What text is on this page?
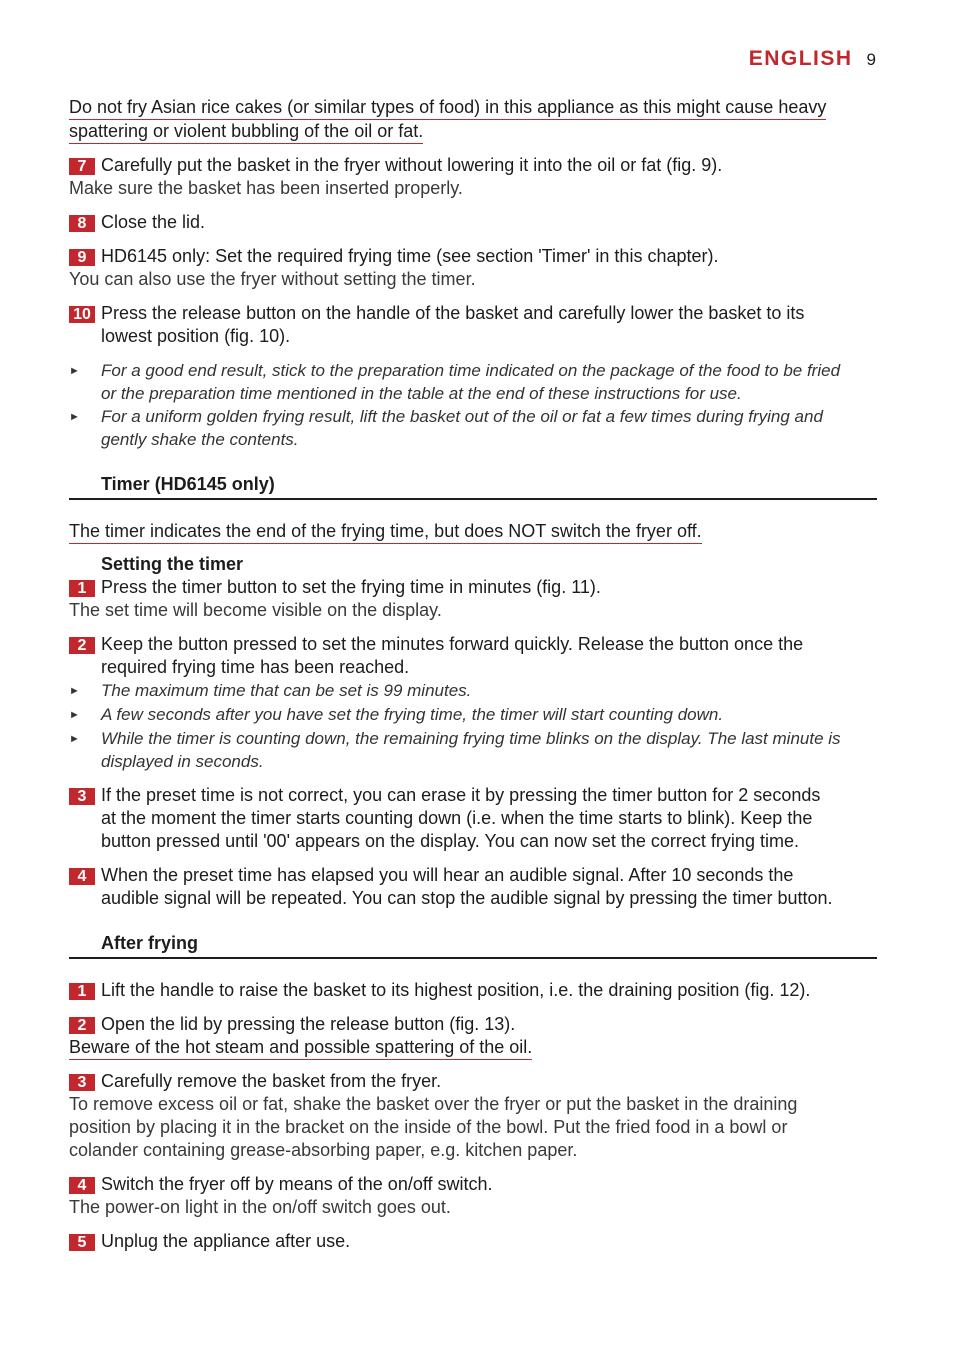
ENGLISH 9
Do not fry Asian rice cakes (or similar types of food) in this appliance as this might cause heavy
spattering or violent bubbling of the oil or fat.
7 Carefully put the basket in the fryer without lowering it into the oil or fat (fig. 9).
Make sure the basket has been inserted properly.
8 Close the lid.
9 HD6145 only: Set the required frying time (see section 'Timer' in this chapter).
You can also use the fryer without setting the timer.
10 Press the release button on the handle of the basket and carefully lower the basket to its
lowest position (fig. 10).
►	For a good end result, stick to the preparation time indicated on the package of the food to be fried
or the preparation time mentioned in the table at the end of these instructions for use.
►	For a uniform golden frying result, lift the basket out of the oil or fat a few times during frying and
gently shake the contents.
Timer (HD6145 only)
The timer indicates the end of the frying time, but does NOT switch the fryer off.
Setting the timer
1 Press the timer button to set the frying time in minutes (fig. 11).
The set time will become visible on the display.
2 Keep the button pressed to set the minutes forward quickly. Release the button once the
required frying time has been reached.
►	The maximum time that can be set is 99 minutes.
►	A few seconds after you have set the frying time, the timer will start counting down.
►	While the timer is counting down, the remaining frying time blinks on the display. The last minute is
displayed in seconds.
3 If the preset time is not correct, you can erase it by pressing the timer button for 2 seconds
at the moment the timer starts counting down (i.e. when the time starts to blink). Keep the
button pressed until '00' appears on the display. You can now set the correct frying time.
4 When the preset time has elapsed you will hear an audible signal. After 10 seconds the
audible signal will be repeated. You can stop the audible signal by pressing the timer button.
After frying
1 Lift the handle to raise the basket to its highest position, i.e. the draining position (fig. 12).
2 Open the lid by pressing the release button (fig. 13).
Beware of the hot steam and possible spattering of the oil.
3 Carefully remove the basket from the fryer.
To remove excess oil or fat, shake the basket over the fryer or put the basket in the draining
position by placing it in the bracket on the inside of the bowl. Put the fried food in a bowl or
colander containing grease-absorbing paper, e.g. kitchen paper.
4 Switch the fryer off by means of the on/off switch.
The power-on light in the on/off switch goes out.
5 Unplug the appliance after use.
